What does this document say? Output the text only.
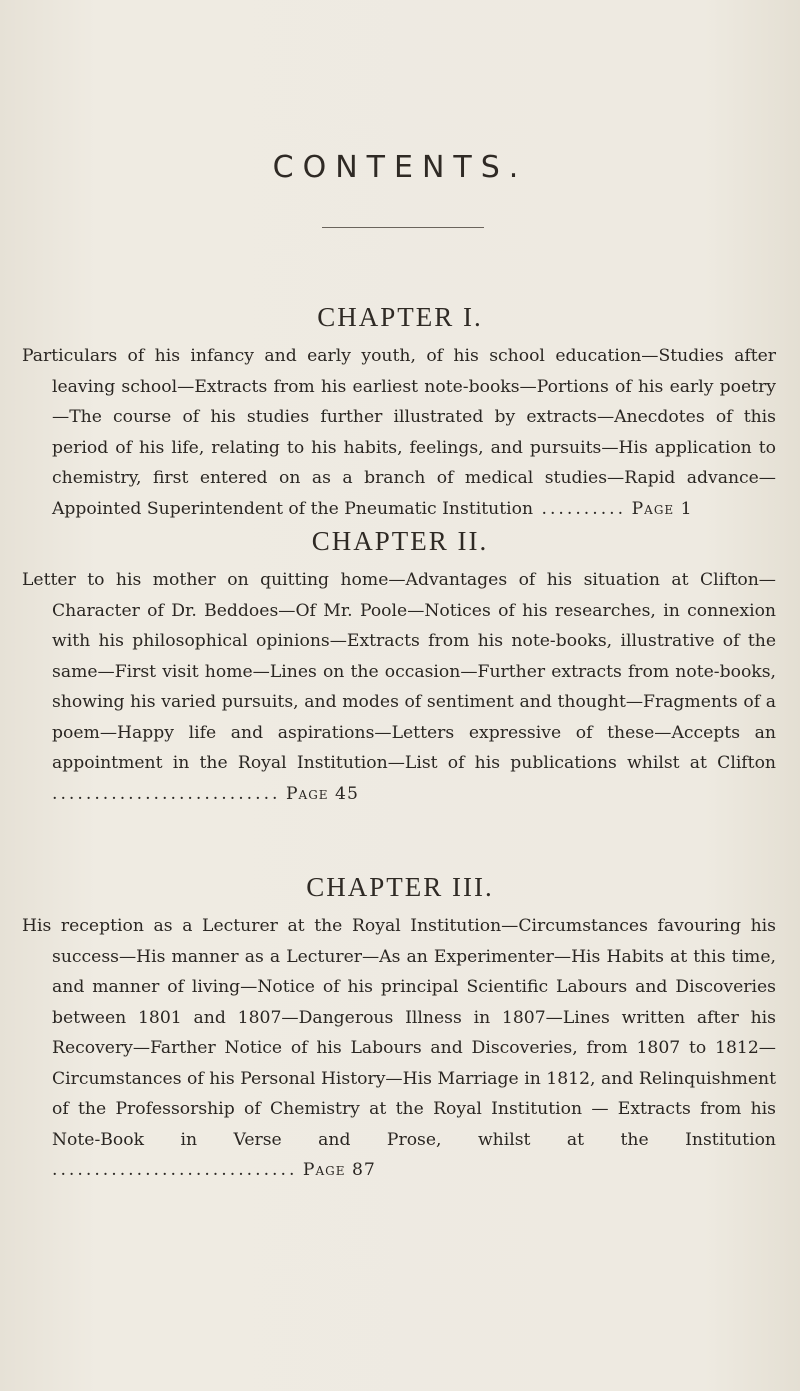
CONTENTS.
CHAPTER I.

Particulars of his infancy and early youth, of his school education—Studies after leaving school—Extracts from his earliest note-books—Portions of his early poetry—The course of his studies further illustrated by extracts—Anecdotes of this period of his life, relating to his habits, feelings, and pursuits—His application to chemistry, first entered on as a branch of medical studies—Rapid advance—Appointed Superintendent of the Pneumatic Institution .......... Page 1

CHAPTER II.

Letter to his mother on quitting home—Advantages of his situation at Clifton—Character of Dr. Beddoes—Of Mr. Poole—Notices of his researches, in connexion with his philosophical opinions—Extracts from his note-books, illustrative of the same—First visit home—Lines on the occasion—Further extracts from note-books, showing his varied pursuits, and modes of sentiment and thought—Fragments of a poem—Happy life and aspirations—Letters expressive of these—Accepts an appointment in the Royal Institution—List of his publications whilst at Clifton ........................... Page 45

CHAPTER III.

His reception as a Lecturer at the Royal Institution—Circumstances favouring his success—His manner as a Lecturer—As an Experimenter—His Habits at this time, and manner of living—Notice of his principal Scientific Labours and Discoveries between 1801 and 1807—Dangerous Illness in 1807—Lines written after his Recovery—Farther Notice of his Labours and Discoveries, from 1807 to 1812—Circumstances of his Personal History—His Marriage in 1812, and Relinquishment of the Professorship of Chemistry at the Royal Institution — Extracts from his Note-Book in Verse and Prose, whilst at the Institution ............................. Page 87
